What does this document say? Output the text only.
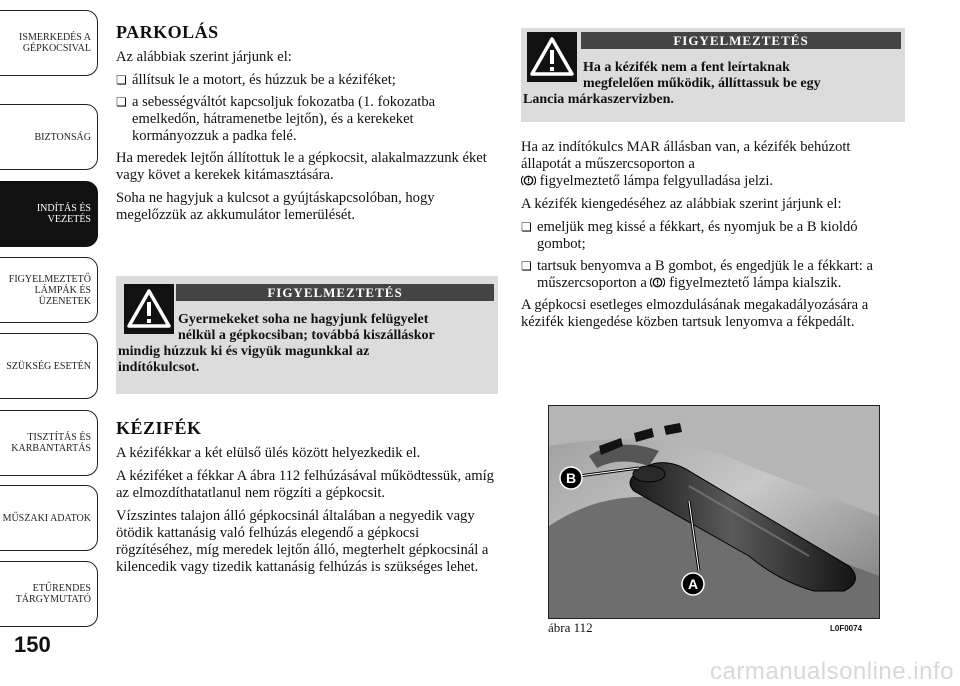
ISMERKEDÉS A
GÉPKOCSIVAL
BIZTONSÁG
INDÍTÁS ÉS
VEZETÉS
FIGYELMEZTETŐ
LÁMPÁK ÉS
ÜZENETEK
SZÜKSÉG ESETÉN
TISZTÍTÁS ÉS
KARBANTARTÁS
MŰSZAKI ADATOK
ETŰRENDES
TÁRGYMUTATÓ
150
PARKOLÁS

Az alábbiak szerint járjunk el:

❏ állítsuk le a motort, és húzzuk be a kéziféket;
❏ a sebességváltót kapcsoljuk fokozatba (1. fokozatba emelkedőn, hátramenetbe lejtőn), és a kerekeket kormányozzuk a padka felé.

Ha meredek lejtőn állítottuk le a gépkocsit, alakalmazzunk éket vagy követ a kerekek kitámasztására.

Soha ne hagyjuk a kulcsot a gyújtáskapcsolóban, hogy megelőzzük az akkumulátor lemerülését.

FIGYELMEZTETÉS
Gyermekeket soha ne hagyjunk felügyelet
nélkül a gépkocsiban; továbbá kiszálláskor
mindig húzzuk ki és vigyük magunkkal az indítókulcsot.
KÉZIFÉK

A kézifékkar a két elülső ülés között helyezkedik el.

A kéziféket a fékkar A ábra 112 felhúzásával működtessük, amíg az elmozdíthatatlanul nem rögzíti a gépkocsit.

Vízszintes talajon álló gépkocsinál általában a negyedik vagy ötödik kattanásig való felhúzás elegendő a gépkocsi rögzítéséhez, míg meredek lejtőn álló, megterhelt gépkocsinál a kilencedik vagy tizedik kattanásig felhúzás is szükséges lehet.

FIGYELMEZTETÉS
Ha a kézifék nem a fent leírtaknak
megfelelően működik, állíttassuk be egy
Lancia márkaszervizben.

Ha az indítókulcs MAR állásban van, a kézifék behúzott állapotát a műszercsoporton a
figyelmeztető lámpa felgyulladása jelzi.

A kézifék kiengedéséhez az alábbiak szerint járjunk el:

❏ emeljük meg kissé a fékkart, és nyomjuk be a B kioldó gombot;
❏ tartsuk benyomva a B gombot, és engedjük le a fékkart: a műszercsoporton a figyelmeztető lámpa kialszik.

A gépkocsi esetleges elmozdulásának megakadályozására a kézifék kiengedése közben tartsuk lenyomva a fékpedált.

B
A
ábra 112	L0F0074
carmanualsonline.info
